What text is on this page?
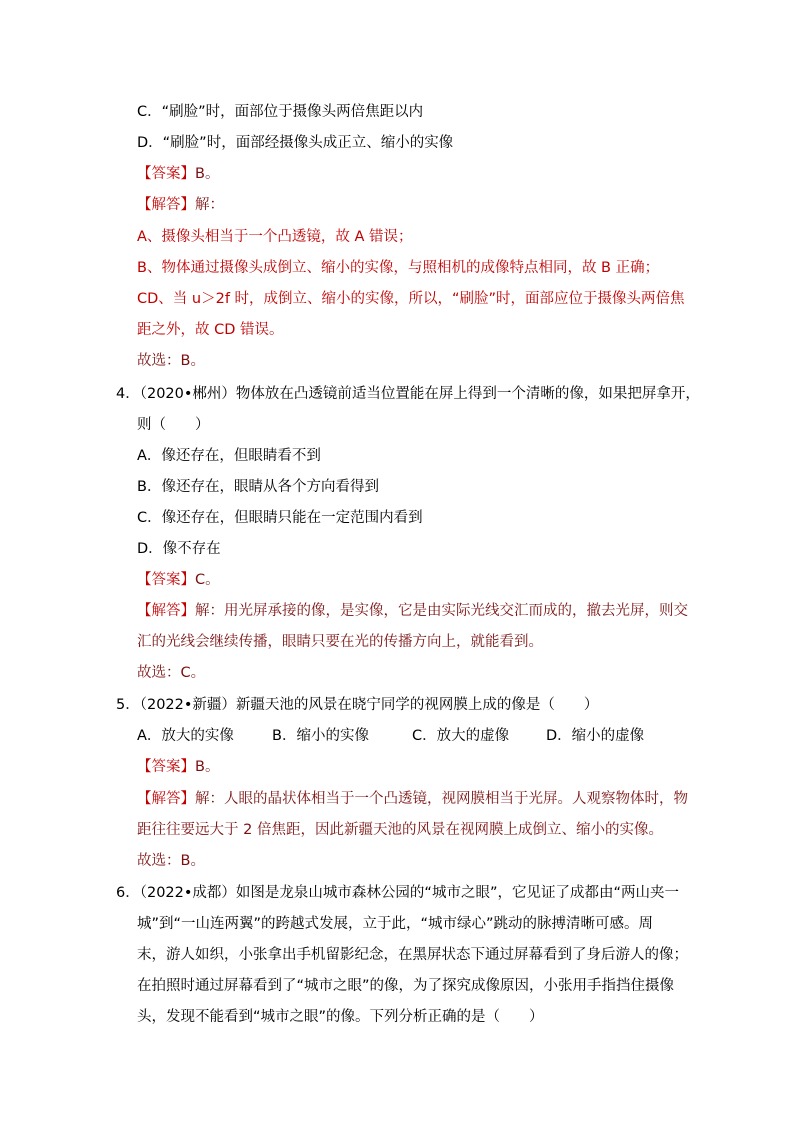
C．“刷脸”时，面部位于摄像头两倍焦距以内
D．“刷脸”时，面部经摄像头成正立、缩小的实像
【答案】B。
【解答】解：
A、摄像头相当于一个凸透镜，故 A 错误；
B、物体通过摄像头成倒立、缩小的实像，与照相机的成像特点相同，故 B 正确；
CD、当 u＞2f 时，成倒立、缩小的实像，所以，“刷脸”时，面部应位于摄像头两倍焦
距之外，故 CD 错误。
故选：B。
4．（2020•郴州）物体放在凸透镜前适当位置能在屏上得到一个清晰的像，如果把屏拿开，
则（　　）
A．像还存在，但眼睛看不到
B．像还存在，眼睛从各个方向看得到
C．像还存在，但眼睛只能在一定范围内看到
D．像不存在
【答案】C。
【解答】解：用光屏承接的像，是实像，它是由实际光线交汇而成的，撤去光屏，则交
汇的光线会继续传播，眼睛只要在光的传播方向上，就能看到。
故选：C。
5．（2022•新疆）新疆天池的风景在晓宁同学的视网膜上成的像是（　　）
A．放大的实像	B．缩小的实像	C．放大的虚像	D．缩小的虚像
【答案】B。
【解答】解：人眼的晶状体相当于一个凸透镜，视网膜相当于光屏。人观察物体时，物
距往往要远大于 2 倍焦距，因此新疆天池的风景在视网膜上成倒立、缩小的实像。
故选：B。
6．（2022•成都）如图是龙泉山城市森林公园的“城市之眼”，它见证了成都由“两山夹一
城”到“一山连两翼”的跨越式发展，立于此，“城市绿心”跳动的脉搏清晰可感。周
末，游人如织，小张拿出手机留影纪念，在黑屏状态下通过屏幕看到了身后游人的像；
在拍照时通过屏幕看到了“城市之眼”的像，为了探究成像原因，小张用手指挡住摄像
头，发现不能看到“城市之眼”的像。下列分析正确的是（　　）
